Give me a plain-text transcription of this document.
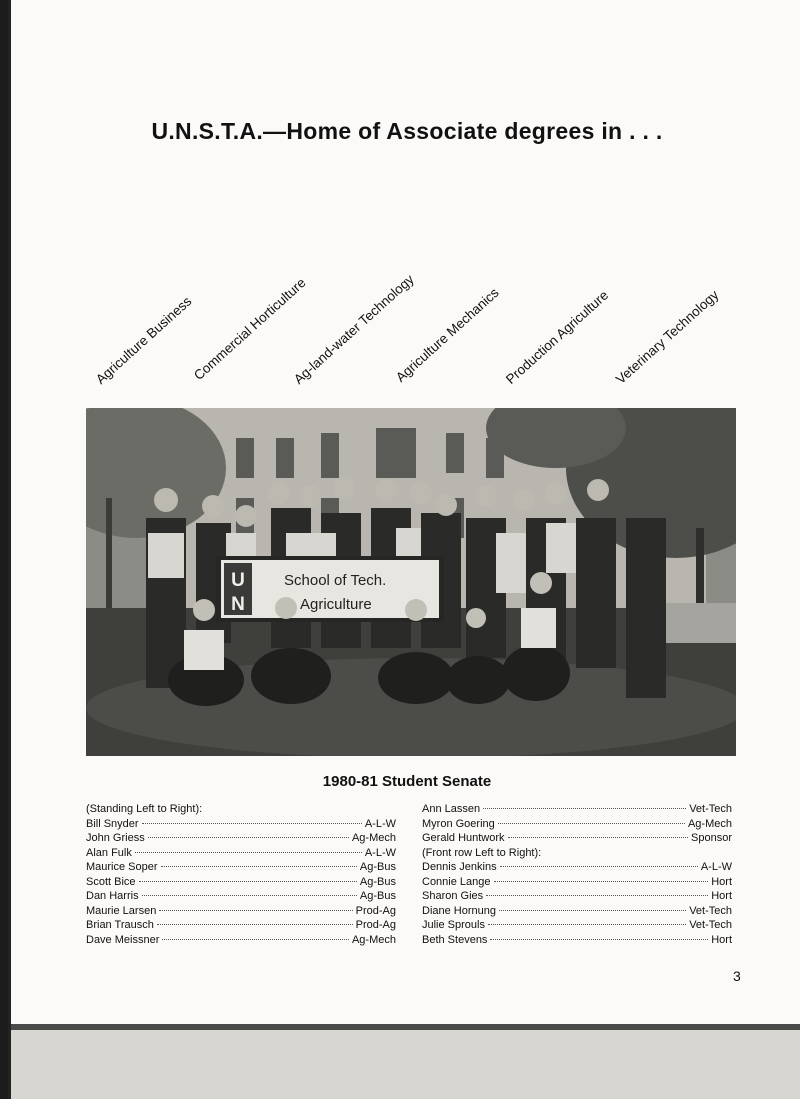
U.N.S.T.A.—Home of Associate degrees in . . .
Agriculture Business
Commercial Horticulture
Ag-land-water Technology
Agriculture Mechanics Production Agriculture Veterinary Technology
U
N
School of Tech.
Agriculture
1980-81 Student Senate
(Standing Left to Right):
Bill Snyder	A-L-W
John Griess	Ag-Mech
Alan Fulk	A-L-W
Maurice Soper	Ag-Bus
Scott Bice	Ag-Bus
Dan Harris	Ag-Bus
Maurie Larsen	Prod-Ag
Brian Trausch	Prod-Ag
Dave Meissner	Ag-Mech
Ann Lassen	Vet-Tech
Myron Goering	Ag-Mech
Gerald Huntwork	Sponsor
(Front row Left to Right):
Dennis Jenkins	A-L-W
Connie Lange	Hort
Sharon Gies	Hort
Diane Hornung	Vet-Tech
Julie Sprouls	Vet-Tech
Beth Stevens	Hort
3
